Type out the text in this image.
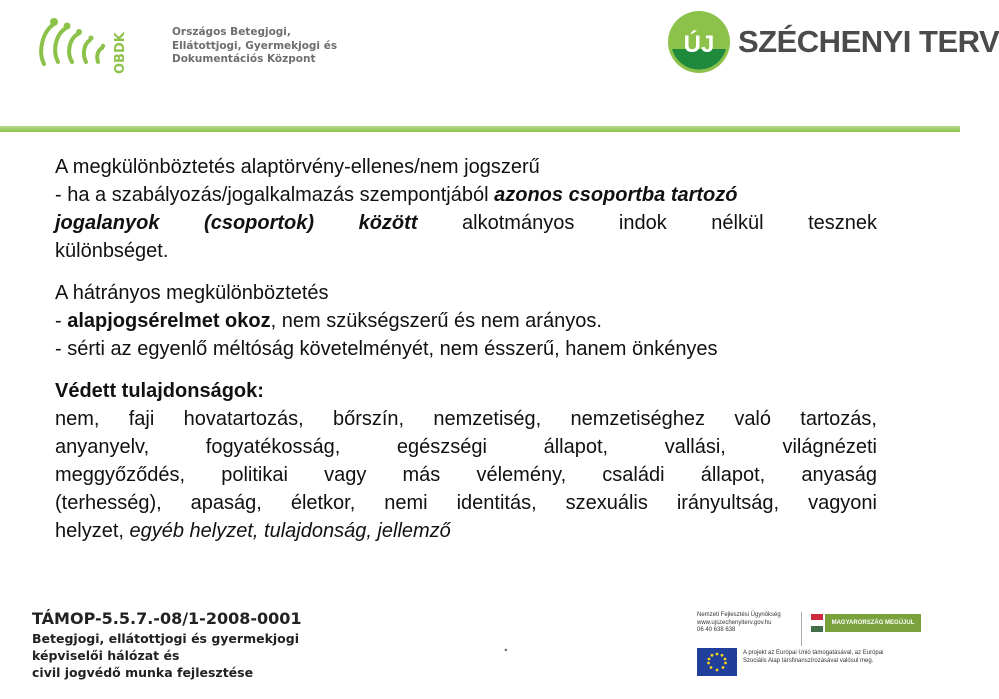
OBDK
Országos Betegjogi,
Ellátottjogi, Gyermekjogi és
Dokumentációs Központ
ÚJ SZÉCHENYI TERV
A megkülönböztetés alaptörvény-ellenes/nem jogszerű
- ha a szabályozás/jogalkalmazás szempontjából azonos csoportba tartozó
jogalanyok (csoportok) között alkotmányos indok nélkül tesznek
különbséget.
A hátrányos megkülönböztetés
- alapjogsérelmet okoz, nem szükségszerű és nem arányos.
- sérti az egyenlő méltóság követelményét, nem ésszerű, hanem önkényes
Védett tulajdonságok:
nem, faji hovatartozás, bőrszín, nemzetiség, nemzetiséghez való tartozás,
anyanyelv, fogyatékosság, egészségi állapot, vallási, világnézeti
meggyőződés, politikai vagy más vélemény, családi állapot, anyaság
(terhesség), apaság, életkor, nemi identitás, szexuális irányultság, vagyoni
helyzet, egyéb helyzet, tulajdonság, jellemző
TÁMOP-5.5.7.-08/1-2008-0001
Betegjogi, ellátottjogi és gyermekjogi
képviselői hálózat és
civil jogvédő munka fejlesztése
.
Nemzeti Fejlesztési Ügynökség
www.ujszechenyiterv.gov.hu
06 40 638 638
MAGYARORSZÁG MEGÚJUL
A projekt az Európai Unió támogatásával, az Európai
Szociális Alap társfinanszírozásával valósul meg.
